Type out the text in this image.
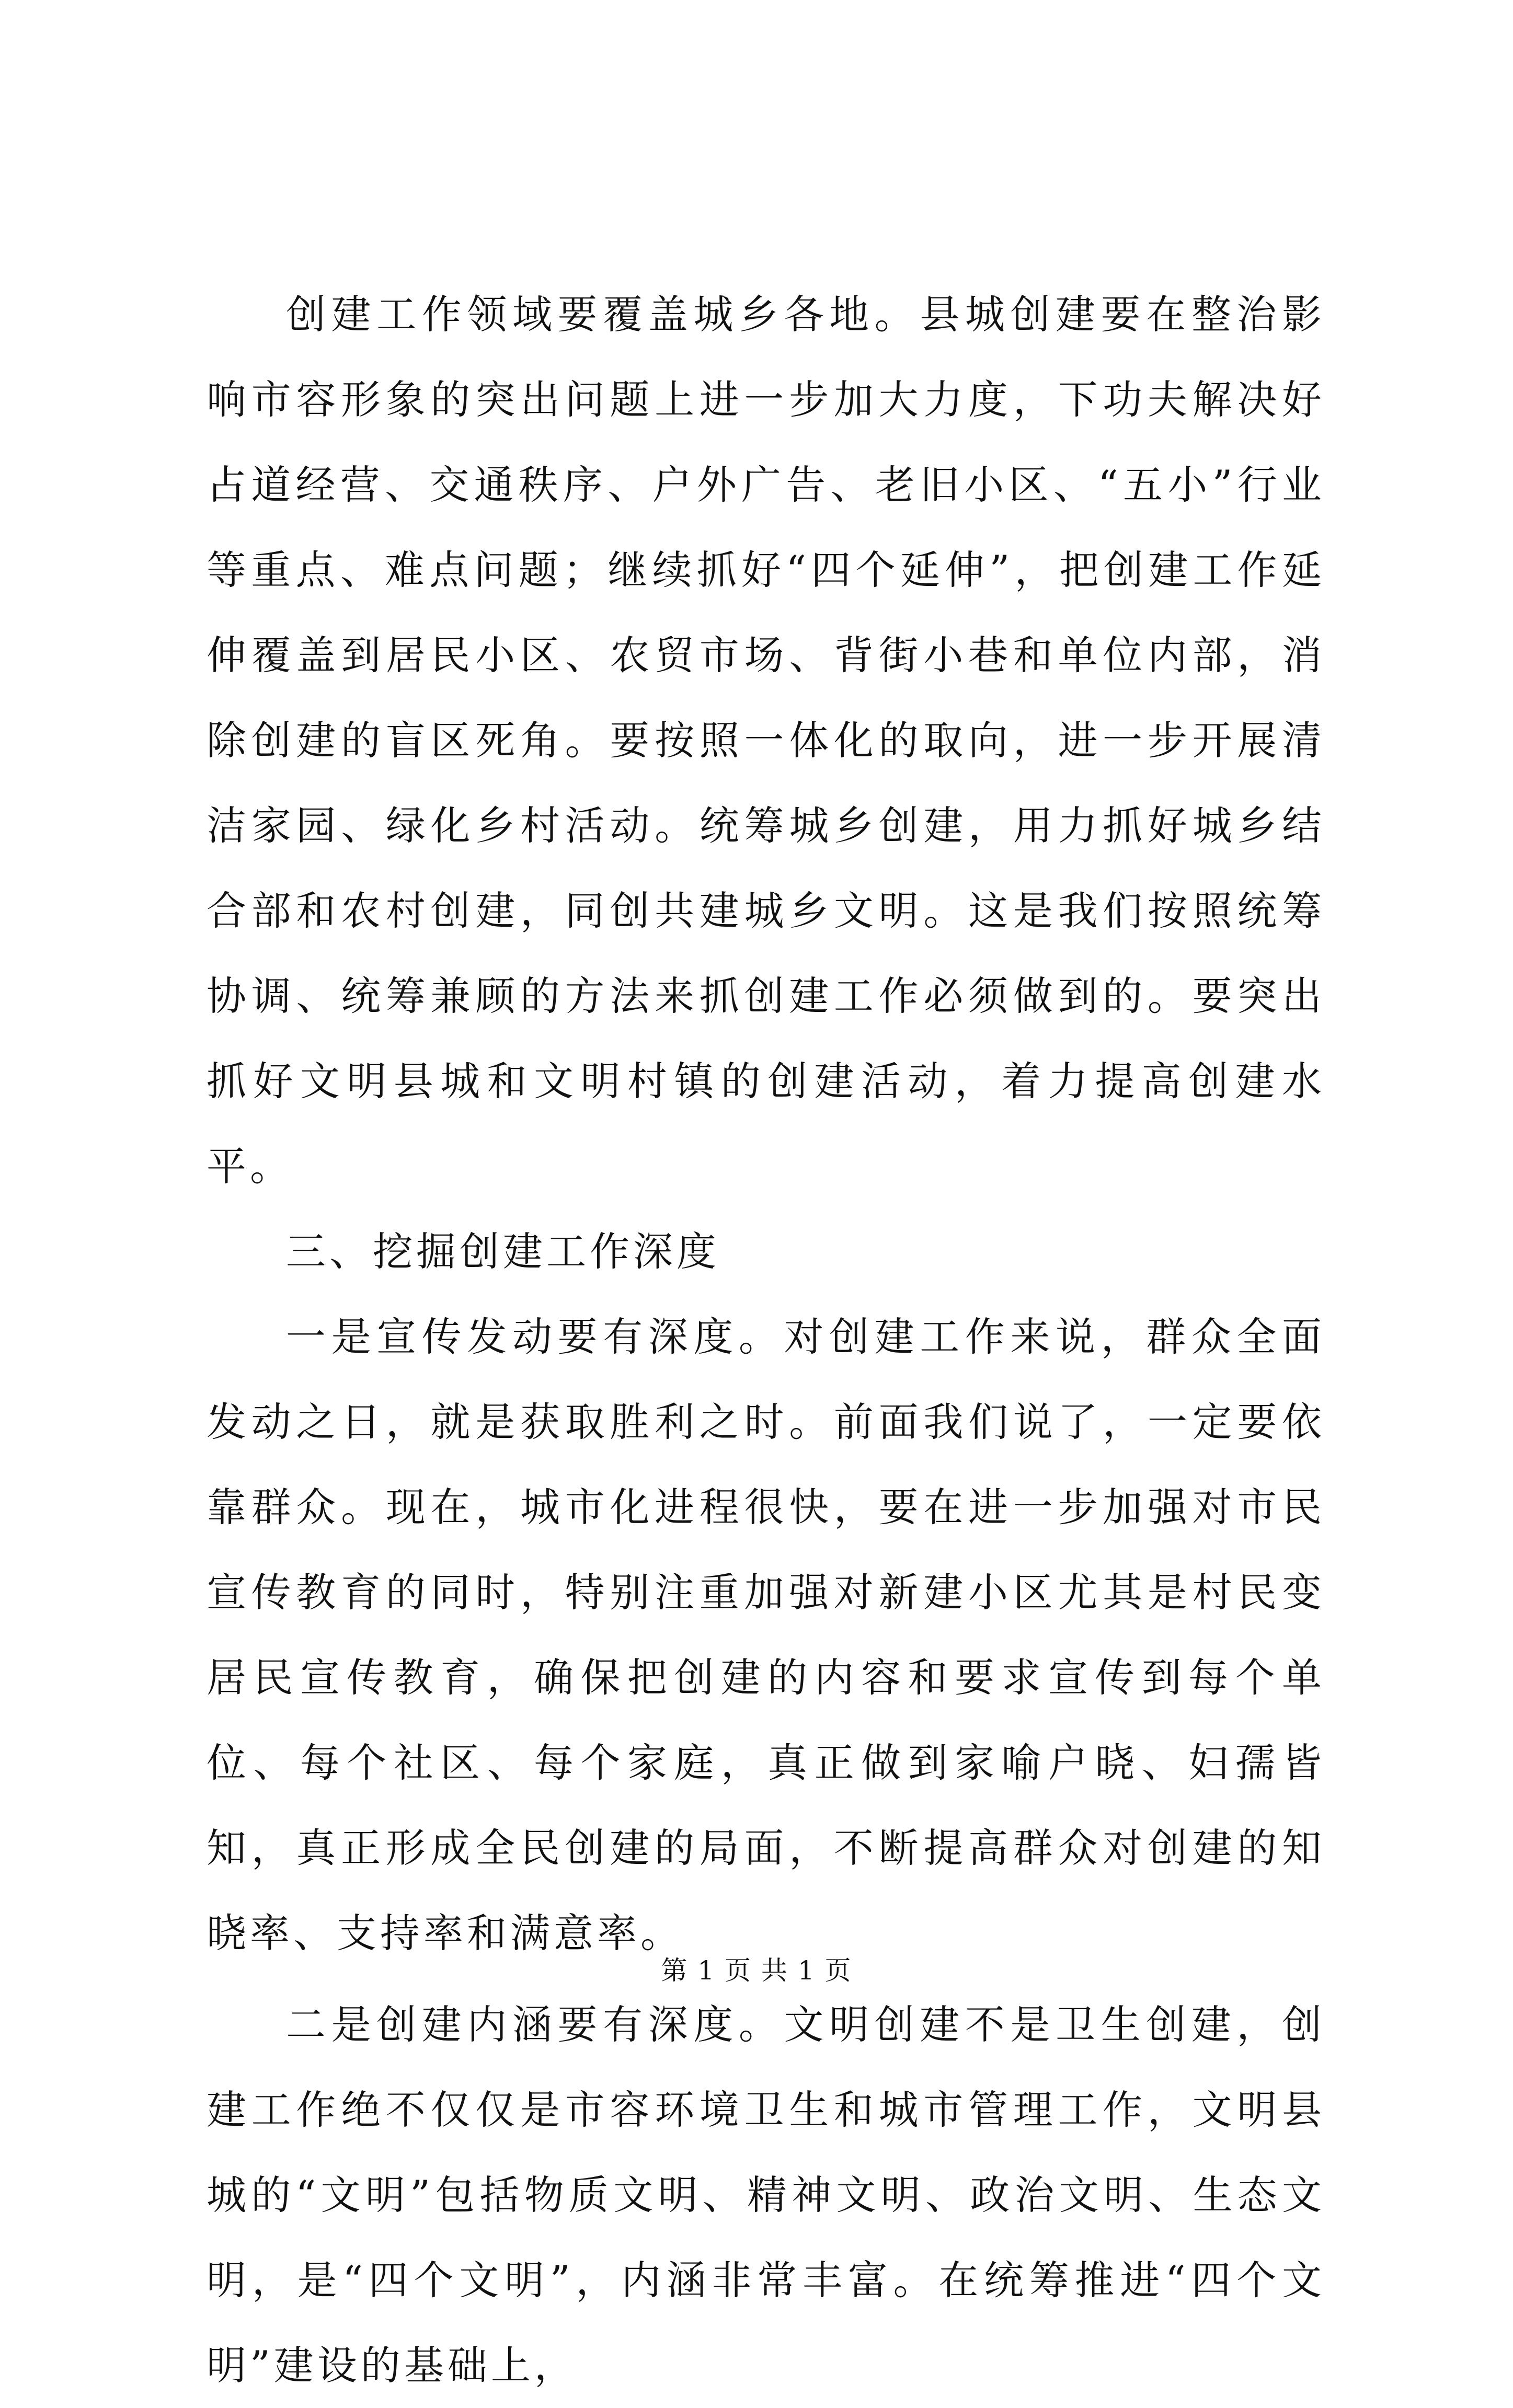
创建工作领域要覆盖城乡各地。县城创建要在整治影响市容形象的突出问题上进一步加大力度，下功夫解决好占道经营、交通秩序、户外广告、老旧小区、“五小”行业等重点、难点问题；继续抓好“四个延伸”，把创建工作延伸覆盖到居民小区、农贸市场、背街小巷和单位内部，消除创建的盲区死角。要按照一体化的取向，进一步开展清洁家园、绿化乡村活动。统筹城乡创建，用力抓好城乡结合部和农村创建，同创共建城乡文明。这是我们按照统筹协调、统筹兼顾的方法来抓创建工作必须做到的。要突出抓好文明县城和文明村镇的创建活动，着力提高创建水平。

三、挖掘创建工作深度

一是宣传发动要有深度。对创建工作来说，群众全面发动之日，就是获取胜利之时。前面我们说了，一定要依靠群众。现在，城市化进程很快，要在进一步加强对市民宣传教育的同时，特别注重加强对新建小区尤其是村民变居民宣传教育，确保把创建的内容和要求宣传到每个单位、每个社区、每个家庭，真正做到家喻户晓、妇孺皆知，真正形成全民创建的局面，不断提高群众对创建的知晓率、支持率和满意率。

二是创建内涵要有深度。文明创建不是卫生创建，创建工作绝不仅仅是市容环境卫生和城市管理工作，文明县城的“文明”包括物质文明、精神文明、政治文明、生态文明，是“四个文明”，内涵非常丰富。在统筹推进“四个文明”建设的基础上，

第 1 页 共 1 页
